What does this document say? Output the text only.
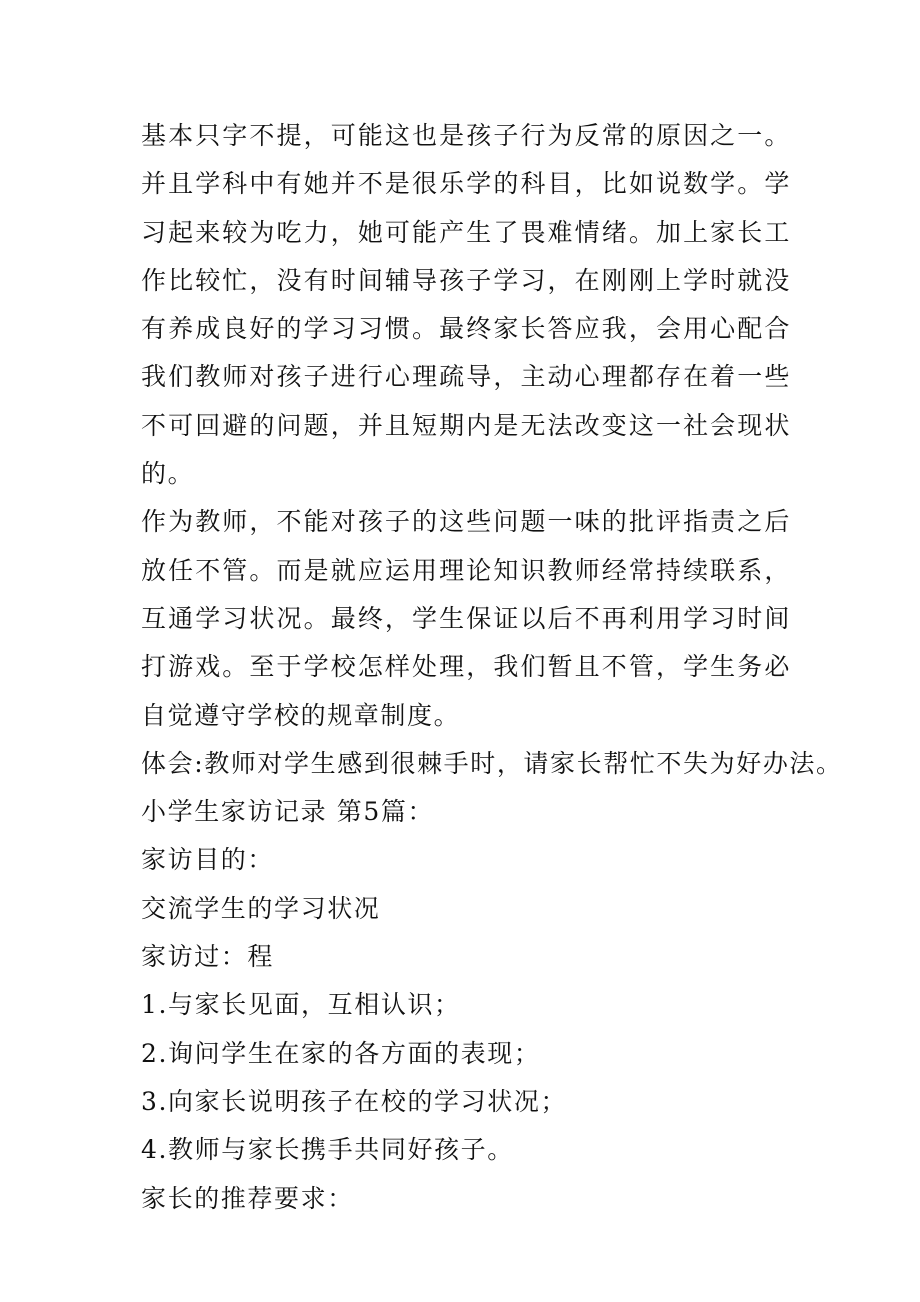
基本只字不提，可能这也是孩子行为反常的原因之一。并且学科中有她并不是很乐学的科目，比如说数学。学习起来较为吃力，她可能产生了畏难情绪。加上家长工作比较忙，没有时间辅导孩子学习，在刚刚上学时就没有养成良好的学习习惯。最终家长答应我，会用心配合我们教师对孩子进行心理疏导，主动心理都存在着一些不可回避的问题，并且短期内是无法改变这一社会现状的。

作为教师，不能对孩子的这些问题一味的批评指责之后放任不管。而是就应运用理论知识教师经常持续联系，互通学习状况。最终，学生保证以后不再利用学习时间打游戏。至于学校怎样处理，我们暂且不管，学生务必自觉遵守学校的规章制度。

体会:教师对学生感到很棘手时，请家长帮忙不失为好办法。

小学生家访记录 第5篇：

家访目的：

交流学生的学习状况

家访过：程

1.与家长见面，互相认识；

2.询问学生在家的各方面的表现；

3.向家长说明孩子在校的学习状况；

4.教师与家长携手共同好孩子。

家长的推荐要求：
